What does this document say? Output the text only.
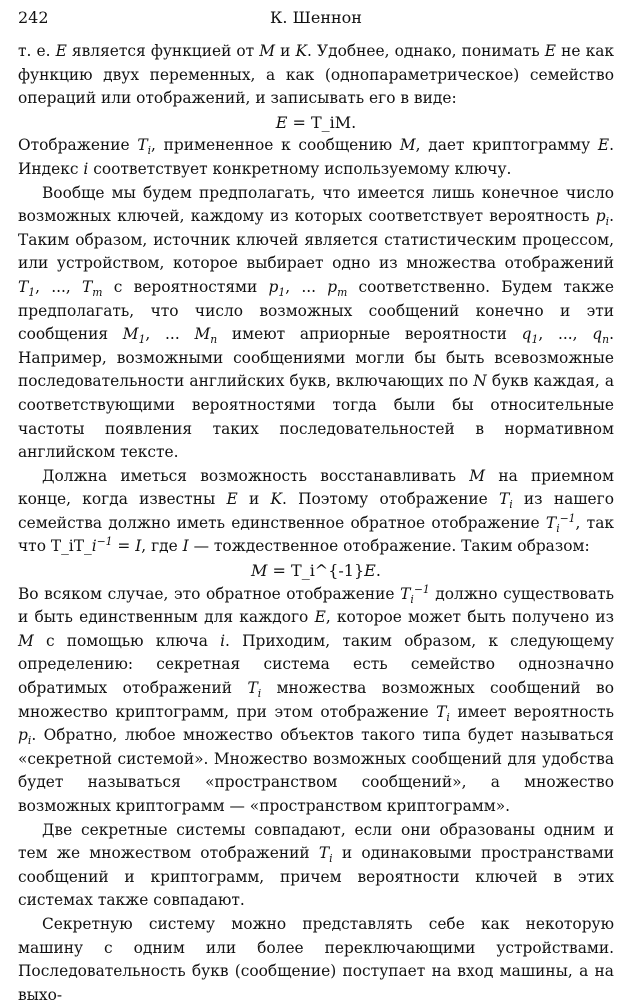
242	К. Шеннон

т. е. E является функцией от M и K. Удобнее, однако, понимать E не как функцию двух переменных, а как (однопараметрическое) семейство операций или отображений, и записывать его в виде:

E = T_iM.

Отображение $T_i$, примененное к сообщению M, дает криптограмму E. Индекс i соответствует конкретному используемому ключу.

Вообще мы будем предполагать, что имеется лишь конечное число возможных ключей, каждому из которых соответствует вероятность $p_i$. Таким образом, источник ключей является статистическим процессом, или устройством, которое выбирает одно из множества отображений $T_1$, ..., $T_m$ с вероятностями $p_1$, ... $p_m$ соответственно. Будем также предполагать, что число возможных сообщений конечно и эти сообщения $M_1$, ... $M_n$ имеют априорные вероятности $q_1$, ..., $q_n$. Например, возможными сообщениями могли бы быть всевозможные последовательности английских букв, включающих по N букв каждая, а соответствующими вероятностями тогда были бы относительные частоты появления таких последовательностей в нормативном английском тексте.

Должна иметься возможность восстанавливать M на приемном конце, когда известны E и K. Поэтому отображение $T_i$ из нашего семейства должно иметь единственное обратное отображение $T_i^{-1}$, так что $T\_iT\_i^{-1} = I$, где I — тождественное отображение. Таким образом:

M = T_i^{-1}E.

Во всяком случае, это обратное отображение $T_i^{-1}$ должно существовать и быть единственным для каждого E, которое может быть получено из M с помощью ключа i. Приходим, таким образом, к следующему определению: секретная система есть семейство однозначно обратимых отображений $T_i$ множества возможных сообщений во множество криптограмм, при этом отображение $T_i$ имеет вероятность $p_i$. Обратно, любое множество объектов такого типа будет называться «секретной системой». Множество возможных сообщений для удобства будет называться «пространством сообщений», а множество возможных криптограмм — «пространством криптограмм».

Две секретные системы совпадают, если они образованы одним и тем же множеством отображений $T_i$ и одинаковыми пространствами сообщений и криптограмм, причем вероятности ключей в этих системах также совпадают.

Секретную систему можно представлять себе как некоторую машину с одним или более переключающими устройствами. Последовательность букв (сообщение) поступает на вход машины, а на выхо-
